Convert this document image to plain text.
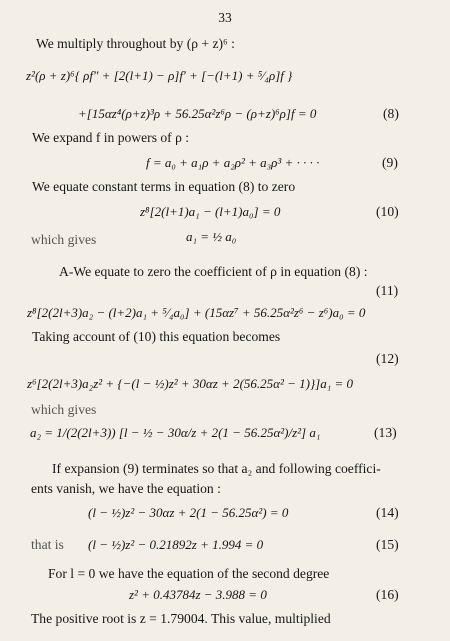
33
We multiply throughout by (ρ + z)⁶ :
z²(ρ + z)⁶{ ρf″ + [2(l+1) − ρ]f′ + [−(l+1) + ⁵⁄₄ρ]f }
+[15αz⁴(ρ+z)³ρ + 56.25α²z⁶ρ − (ρ+z)⁶ρ]f = 0	(8)
We expand f in powers of ρ :
f = a₀ + a₁ρ + a₂ρ² + a₃ρ³ + · · · ·	(9)
We equate constant terms in equation (8) to zero
z⁸[2(l+1)a₁ − (l+1)a₀] = 0	(10)
which gives	a₁ = ½ a₀
A-We equate to zero the coefficient of ρ in equation (8) :
(11)
z⁸[2(2l+3)a₂ − (l+2)a₁ + ⁵⁄₄a₀] + (15αz⁷ + 56.25α²z⁶ − z⁶)a₀ = 0
Taking account of (10) this equation becomes
(12)
z⁶[2(2l+3)a₂z² + {−(l − ½)z² + 30αz + 2(56.25α² − 1)}]a₁ = 0
which gives
a₂ = 1/(2(2l+3)) [l − ½ − 30α/z + 2(1 − 56.25α²)/z²] a₁	(13)
If expansion (9) terminates so that a₂ and following coeffici-
ents vanish, we have the equation :
(l − ½)z² − 30αz + 2(1 − 56.25α²) = 0	(14)
that is (l − ½)z² − 0.21892z + 1.994 = 0	(15)
For l = 0 we have the equation of the second degree
z² + 0.43784z − 3.988 = 0	(16)
The positive root is z = 1.79004. This value, multiplied
